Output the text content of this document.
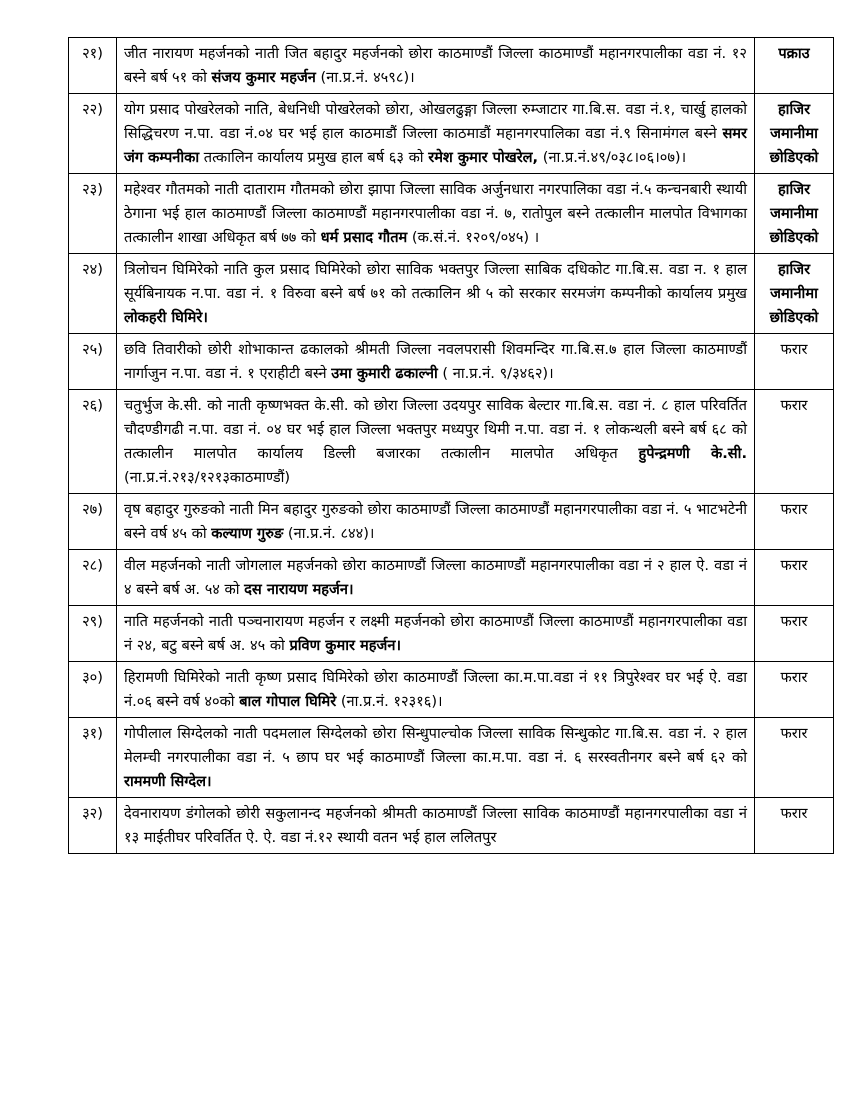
२१)	जीत नारायण महर्जनको नाती जित बहादुर महर्जनको छोरा काठमाण्डौं जिल्ला काठमाण्डौं महानगरपालीका वडा नं. १२ बस्ने बर्ष ५१ को संजय कुमार महर्जन (ना.प्र.नं. ४५९८)।	पक्राउ
२२)	योग प्रसाद पोखरेलको नाति, बेधनिधी पोखरेलको छोरा, ओखलढुङ्गा जिल्ला रुम्जाटार गा.बि.स. वडा नं.१, चार्खु हालको सिद्धिचरण न.पा. वडा नं.०४ घर भई हाल काठमाडौं जिल्ला काठमाडौं महानगरपालिका वडा नं.९ सिनामंगल बस्ने समर जंग कम्पनीका तत्कालिन कार्यालय प्रमुख हाल बर्ष ६३ को रमेश कुमार पोखरेल, (ना.प्र.नं.४९/०३८।०६।०७)।	हाजिर जमानीमा छोडिएको
२३)	महेश्वर गौतमको नाती दाताराम गौतमको छोरा झापा जिल्ला साविक अर्जुनधारा नगरपालिका वडा नं.५ कन्चनबारी स्थायी ठेगाना भई हाल काठमाण्डौं जिल्ला काठमाण्डौं महानगरपालीका वडा नं. ७, रातोपुल बस्ने तत्कालीन मालपोत विभागका तत्कालीन शाखा अधिकृत बर्ष ७७ को धर्म प्रसाद गौतम (क.सं.नं. १२०९/०४५) ।	हाजिर जमानीमा छोडिएको
२४)	त्रिलोचन घिमिरेको नाति कुल प्रसाद घिमिरेको छोरा साविक भक्तपुर जिल्ला साबिक दधिकोट गा.बि.स. वडा न. १ हाल सूर्यबिनायक न.पा. वडा नं. १ विरुवा बस्ने बर्ष ७१ को तत्कालिन श्री ५ को सरकार सरमजंग कम्पनीको कार्यालय प्रमुख लोकहरी घिमिरे।	हाजिर जमानीमा छोडिएको
२५)	छवि तिवारीको छोरी शोभाकान्त ढकालको श्रीमती जिल्ला नवलपरासी शिवमन्दिर गा.बि.स.७ हाल जिल्ला काठमाण्डौं नार्गाजुन न.पा. वडा नं. १ एराहीटी बस्ने उमा कुमारी ढकाल्नी ( ना.प्र.नं. ९/३४६२)।	फरार
२६)	चतुर्भुज के.सी. को नाती कृष्णभक्त के.सी. को छोरा जिल्ला उदयपुर साविक बेल्टार गा.बि.स. वडा नं. ८ हाल परिवर्तित चौदण्डीगढी न.पा. वडा नं. ०४ घर भई हाल जिल्ला भक्तपुर मध्यपुर थिमी न.पा. वडा नं. १ लोकन्थली बस्ने बर्ष ६८ को तत्कालीन मालपोत कार्यालय डिल्ली बजारका तत्कालीन मालपोत अधिकृत हुपेन्द्रमणी के.सी. (ना.प्र.नं.२१३/१२१३काठमाण्डौं)	फरार
२७)	वृष बहादुर गुरुङको नाती मिन बहादुर गुरुङको छोरा काठमाण्डौं जिल्ला काठमाण्डौं महानगरपालीका वडा नं. ५ भाटभटेनी बस्ने वर्ष ४५ को कल्याण गुरुङ (ना.प्र.नं. ८४४)।	फरार
२८)	वील महर्जनको नाती जोगलाल महर्जनको छोरा काठमाण्डौं जिल्ला काठमाण्डौं महानगरपालीका वडा नं २ हाल ऐ. वडा नं ४ बस्ने बर्ष अ. ५४ को दस नारायण महर्जन।	फरार
२९)	नाति महर्जनको नाती पञ्चनारायण महर्जन र लक्ष्मी महर्जनको छोरा काठमाण्डौं जिल्ला काठमाण्डौं महानगरपालीका वडा नं २४, बटु बस्ने बर्ष अ. ४५ को प्रविण कुमार महर्जन।	फरार
३०)	हिरामणी घिमिरेको नाती कृष्ण प्रसाद घिमिरेको छोरा काठमाण्डौं जिल्ला का.म.पा.वडा नं ११ त्रिपुरेश्वर घर भई ऐ. वडा नं.०६ बस्ने वर्ष ४०को बाल गोपाल घिमिरे (ना.प्र.नं. १२३१६)।	फरार
३१)	गोपीलाल सिग्देलको नाती पदमलाल सिग्देलको छोरा सिन्धुपाल्चोक जिल्ला साविक सिन्धुकोट गा.बि.स. वडा नं. २ हाल मेलम्ची नगरपालीका वडा नं. ५ छाप घर भई काठमाण्डौं जिल्ला का.म.पा. वडा नं. ६ सरस्वतीनगर बस्ने बर्ष ६२ को राममणी सिग्देल।	फरार
३२)	देवनारायण डंगोलको छोरी सकुलानन्द महर्जनको श्रीमती काठमाण्डौं जिल्ला साविक काठमाण्डौं महानगरपालीका वडा नं १३ माईतीघर परिवर्तित ऐ. ऐ. वडा नं.१२ स्थायी वतन भई हाल ललितपुर	फरार
